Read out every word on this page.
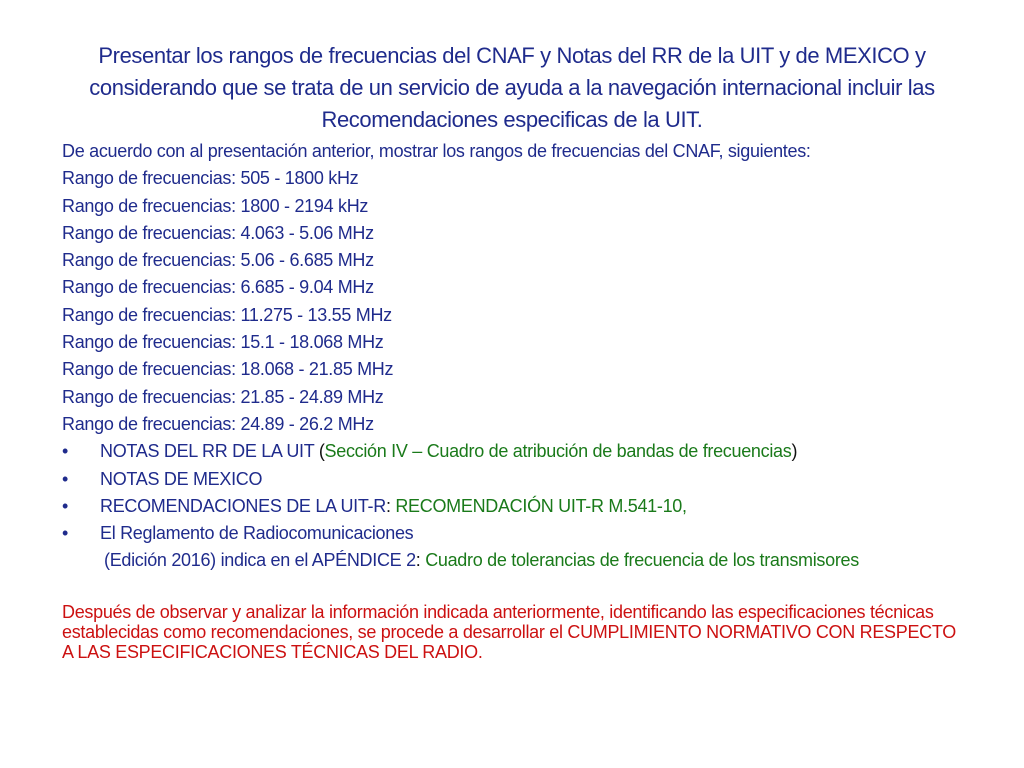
Presentar los rangos de frecuencias del CNAF y Notas del RR de la UIT y de MEXICO y considerando que se trata de un servicio de ayuda a la navegación internacional incluir las Recomendaciones especificas de la UIT.
De acuerdo con al presentación anterior, mostrar los rangos de frecuencias del CNAF, siguientes:
Rango de frecuencias: 505 - 1800 kHz
Rango de frecuencias: 1800 - 2194 kHz
Rango de frecuencias: 4.063 - 5.06 MHz
Rango de frecuencias: 5.06 - 6.685 MHz
Rango de frecuencias: 6.685 - 9.04 MHz
Rango de frecuencias: 11.275 - 13.55 MHz
Rango de frecuencias: 15.1 - 18.068 MHz
Rango de frecuencias: 18.068 - 21.85 MHz
Rango de frecuencias: 21.85 - 24.89 MHz
Rango de frecuencias: 24.89 - 26.2 MHz
• NOTAS DEL RR DE LA UIT (Sección IV – Cuadro de atribución de bandas de frecuencias)
• NOTAS DE MEXICO
• RECOMENDACIONES DE LA UIT-R: RECOMENDACIÓN UIT-R M.541-10,
• El Reglamento de Radiocomunicaciones
(Edición 2016) indica en el APÉNDICE 2: Cuadro de tolerancias de frecuencia de los transmisores
Después de observar y analizar la información indicada anteriormente, identificando las especificaciones técnicas establecidas como recomendaciones, se procede a desarrollar el CUMPLIMIENTO NORMATIVO CON RESPECTO A LAS ESPECIFICACIONES TÉCNICAS DEL RADIO.
